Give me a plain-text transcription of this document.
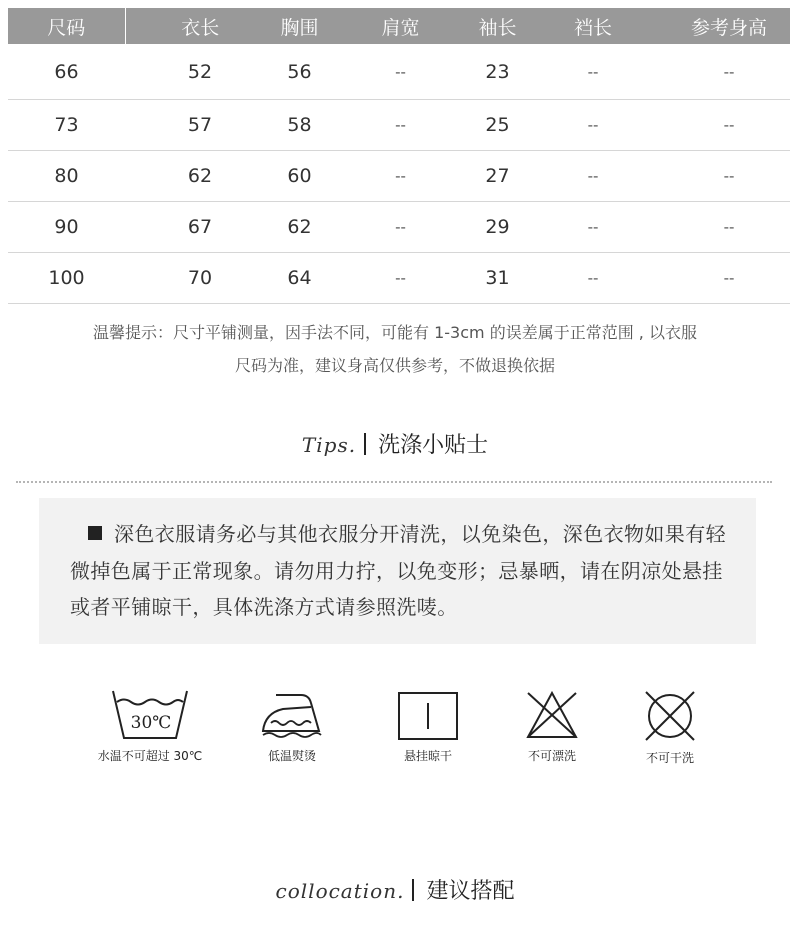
尺码	衣长	胸围	肩宽	袖长	裆长	参考身高
66	52	56	--	23	--	--
73	57	58	--	25	--	--
80	62	60	--	27	--	--
90	67	62	--	29	--	--
100	70	64	--	31	--	--
温馨提示：尺寸平铺测量，因手法不同，可能有 1-3cm 的误差属于正常范围 , 以衣服
尺码为准，建议身高仅供参考，不做退换依据
Tips. 洗涤小贴士

深色衣服请务必与其他衣服分开清洗，以免染色，深色衣物如果有轻微掉色属于正常现象。请勿用力拧，以免变形；忌暴晒，请在阴凉处悬挂或者平铺晾干，具体洗涤方式请参照洗唛。

30℃
水温不可超过 30℃	低温熨烫	悬挂晾干	不可漂洗	不可干洗
collocation. 建议搭配
